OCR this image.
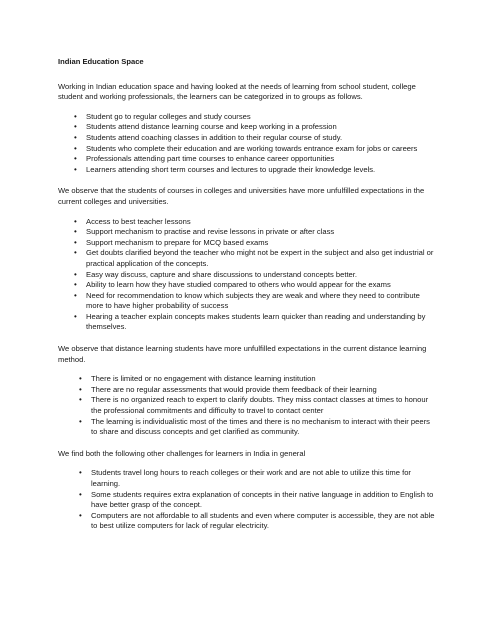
Indian Education Space

Working in Indian education space and having looked at the needs of learning from school student, college student and working professionals, the learners can be categorized in to groups as follows.

• Student go to regular colleges and study courses
• Students attend distance learning course and keep working in a profession
• Students attend coaching classes in addition to their regular course of study.
• Students who complete their education and are working towards entrance exam for jobs or careers
• Professionals attending part time courses to enhance career opportunities
• Learners attending short term courses and lectures to upgrade their knowledge levels.

We observe that the students of courses in colleges and universities have more unfulfilled expectations in the current colleges and universities.

• Access to best teacher lessons
• Support mechanism to practise and revise lessons in private or after class
• Support mechanism to prepare for MCQ based exams
• Get doubts clarified beyond the teacher who might not be expert in the subject and also get industrial or practical application of the concepts.
• Easy way discuss, capture and share discussions to understand concepts better.
• Ability to learn how they have studied compared to others who would appear for the exams
• Need for recommendation to know which subjects they are weak and where they need to contribute more to have higher probability of success
• Hearing a teacher explain concepts makes students learn quicker than reading and understanding by themselves.

We observe that distance learning students have more unfulfilled expectations in the current distance learning method.

• There is limited or no engagement with distance learning institution
• There are no regular assessments that would provide them feedback of their learning
• There is no organized reach to expert to clarify doubts. They miss contact classes at times to honour the professional commitments and difficulty to travel to contact center
• The learning is individualistic most of the times and there is no mechanism to interact with their peers to share and discuss concepts and get clarified as community.

We find both the following other challenges for learners in India in general

• Students travel long hours to reach colleges or their work and are not able to utilize this time for learning.
• Some students requires extra explanation of concepts in their native language in addition to English to have better grasp of the concept.
• Computers are not affordable to all students and even where computer is accessible, they are not able to best utilize computers for lack of regular electricity.
